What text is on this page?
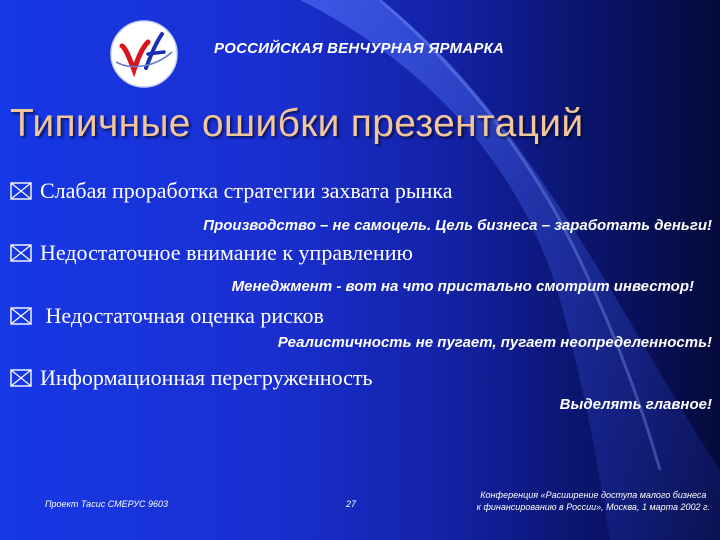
РОССИЙСКАЯ ВЕНЧУРНАЯ ЯРМАРКА
Типичные ошибки презентаций
Слабая проработка стратегии захвата рынка
Производство – не самоцель. Цель бизнеса – заработать деньги!
Недостаточное внимание к управлению
Менеджмент - вот на что пристально смотрит инвестор!
Недостаточная оценка рисков
Реалистичность не пугает, пугает неопределенность!
Информационная перегруженность
Выделять главное!
Проект Тасис СМЕРУС 9603	27
Конференция «Расширение доступа малого бизнеса
к финансированию в России», Москва, 1 марта 2002 г.
